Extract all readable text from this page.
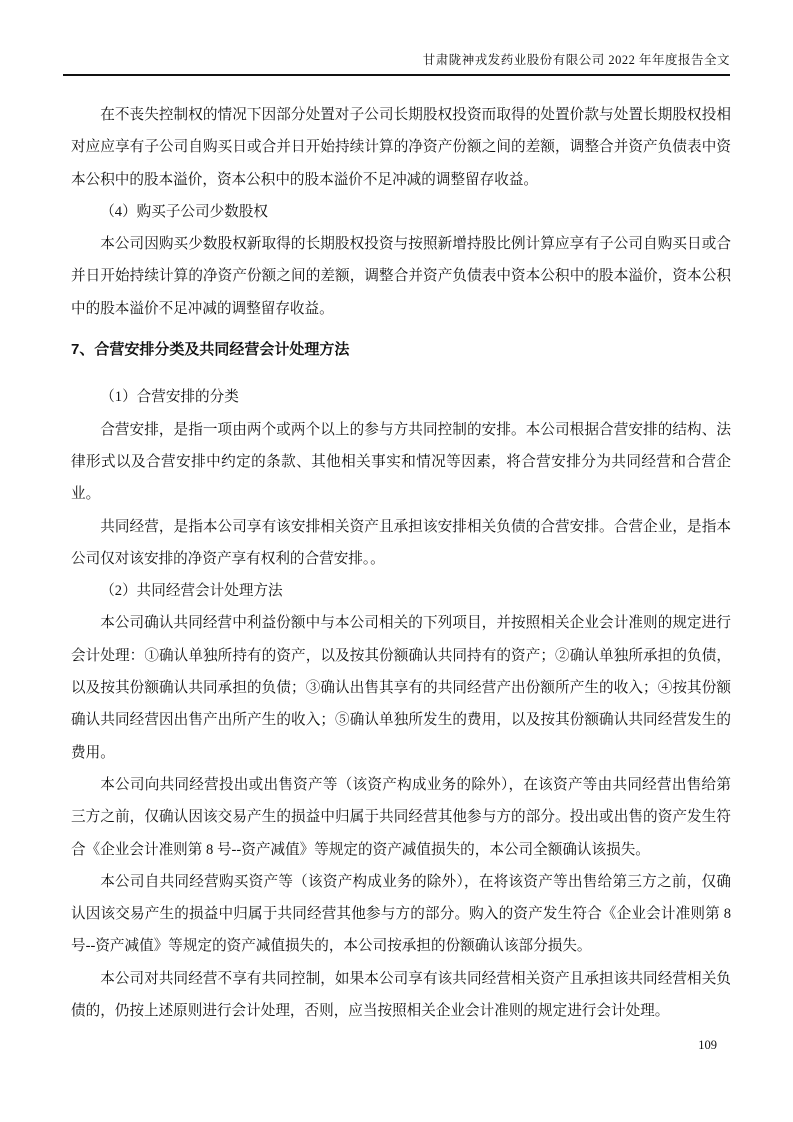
甘肃陇神戎发药业股份有限公司 2022 年年度报告全文

在不丧失控制权的情况下因部分处置对子公司长期股权投资而取得的处置价款与处置长期股权投相对应应享有子公司自购买日或合并日开始持续计算的净资产份额之间的差额，调整合并资产负债表中资本公积中的股本溢价，资本公积中的股本溢价不足冲减的调整留存收益。

（4）购买子公司少数股权

本公司因购买少数股权新取得的长期股权投资与按照新增持股比例计算应享有子公司自购买日或合并日开始持续计算的净资产份额之间的差额，调整合并资产负债表中资本公积中的股本溢价，资本公积中的股本溢价不足冲减的调整留存收益。

7、合营安排分类及共同经营会计处理方法

（1）合营安排的分类

合营安排，是指一项由两个或两个以上的参与方共同控制的安排。本公司根据合营安排的结构、法律形式以及合营安排中约定的条款、其他相关事实和情况等因素，将合营安排分为共同经营和合营企业。

共同经营，是指本公司享有该安排相关资产且承担该安排相关负债的合营安排。合营企业，是指本公司仅对该安排的净资产享有权利的合营安排。。

（2）共同经营会计处理方法

本公司确认共同经营中利益份额中与本公司相关的下列项目，并按照相关企业会计准则的规定进行会计处理：①确认单独所持有的资产，以及按其份额确认共同持有的资产；②确认单独所承担的负债，以及按其份额确认共同承担的负债；③确认出售其享有的共同经营产出份额所产生的收入；④按其份额确认共同经营因出售产出所产生的收入；⑤确认单独所发生的费用，以及按其份额确认共同经营发生的费用。

本公司向共同经营投出或出售资产等（该资产构成业务的除外），在该资产等由共同经营出售给第三方之前，仅确认因该交易产生的损益中归属于共同经营其他参与方的部分。投出或出售的资产发生符合《企业会计准则第 8 号--资产减值》等规定的资产减值损失的，本公司全额确认该损失。

本公司自共同经营购买资产等（该资产构成业务的除外），在将该资产等出售给第三方之前，仅确认因该交易产生的损益中归属于共同经营其他参与方的部分。购入的资产发生符合《企业会计准则第 8 号--资产减值》等规定的资产减值损失的，本公司按承担的份额确认该部分损失。

本公司对共同经营不享有共同控制，如果本公司享有该共同经营相关资产且承担该共同经营相关负债的，仍按上述原则进行会计处理，否则，应当按照相关企业会计准则的规定进行会计处理。

109
